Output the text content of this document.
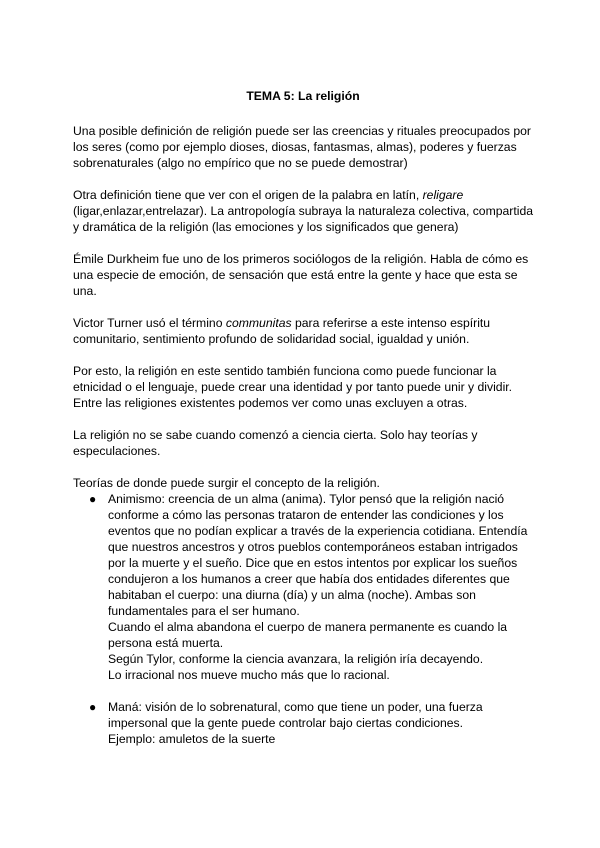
TEMA 5: La religión

Una posible definición de religión puede ser las creencias y rituales preocupados por los seres (como por ejemplo dioses, diosas, fantasmas, almas), poderes y fuerzas sobrenaturales (algo no empírico que no se puede demostrar)

Otra definición tiene que ver con el origen de la palabra en latín, religare (ligar,enlazar,entrelazar). La antropología subraya la naturaleza colectiva, compartida y dramática de la religión (las emociones y los significados que genera)

Émile Durkheim fue uno de los primeros sociólogos de la religión. Habla de cómo es una especie de emoción, de sensación que está entre la gente y hace que esta se una.

Victor Turner usó el término communitas para referirse a este intenso espíritu comunitario, sentimiento profundo de solidaridad social, igualdad y unión.

Por esto, la religión en este sentido también funciona como puede funcionar la etnicidad o el lenguaje, puede crear una identidad y por tanto puede unir y dividir. Entre las religiones existentes podemos ver como unas excluyen a otras.

La religión no se sabe cuando comenzó a ciencia cierta. Solo hay teorías y especulaciones.

Teorías de donde puede surgir el concepto de la religión.

● Animismo: creencia de un alma (anima). Tylor pensó que la religión nació conforme a cómo las personas trataron de entender las condiciones y los eventos que no podían explicar a través de la experiencia cotidiana. Entendía que nuestros ancestros y otros pueblos contemporáneos estaban intrigados por la muerte y el sueño. Dice que en estos intentos por explicar los sueños condujeron a los humanos a creer que había dos entidades diferentes que habitaban el cuerpo: una diurna (día) y un alma (noche). Ambas son fundamentales para el ser humano.
Cuando el alma abandona el cuerpo de manera permanente es cuando la persona está muerta.
Según Tylor, conforme la ciencia avanzara, la religión iría decayendo.
Lo irracional nos mueve mucho más que lo racional.
● Maná: visión de lo sobrenatural, como que tiene un poder, una fuerza impersonal que la gente puede controlar bajo ciertas condiciones.
Ejemplo: amuletos de la suerte
